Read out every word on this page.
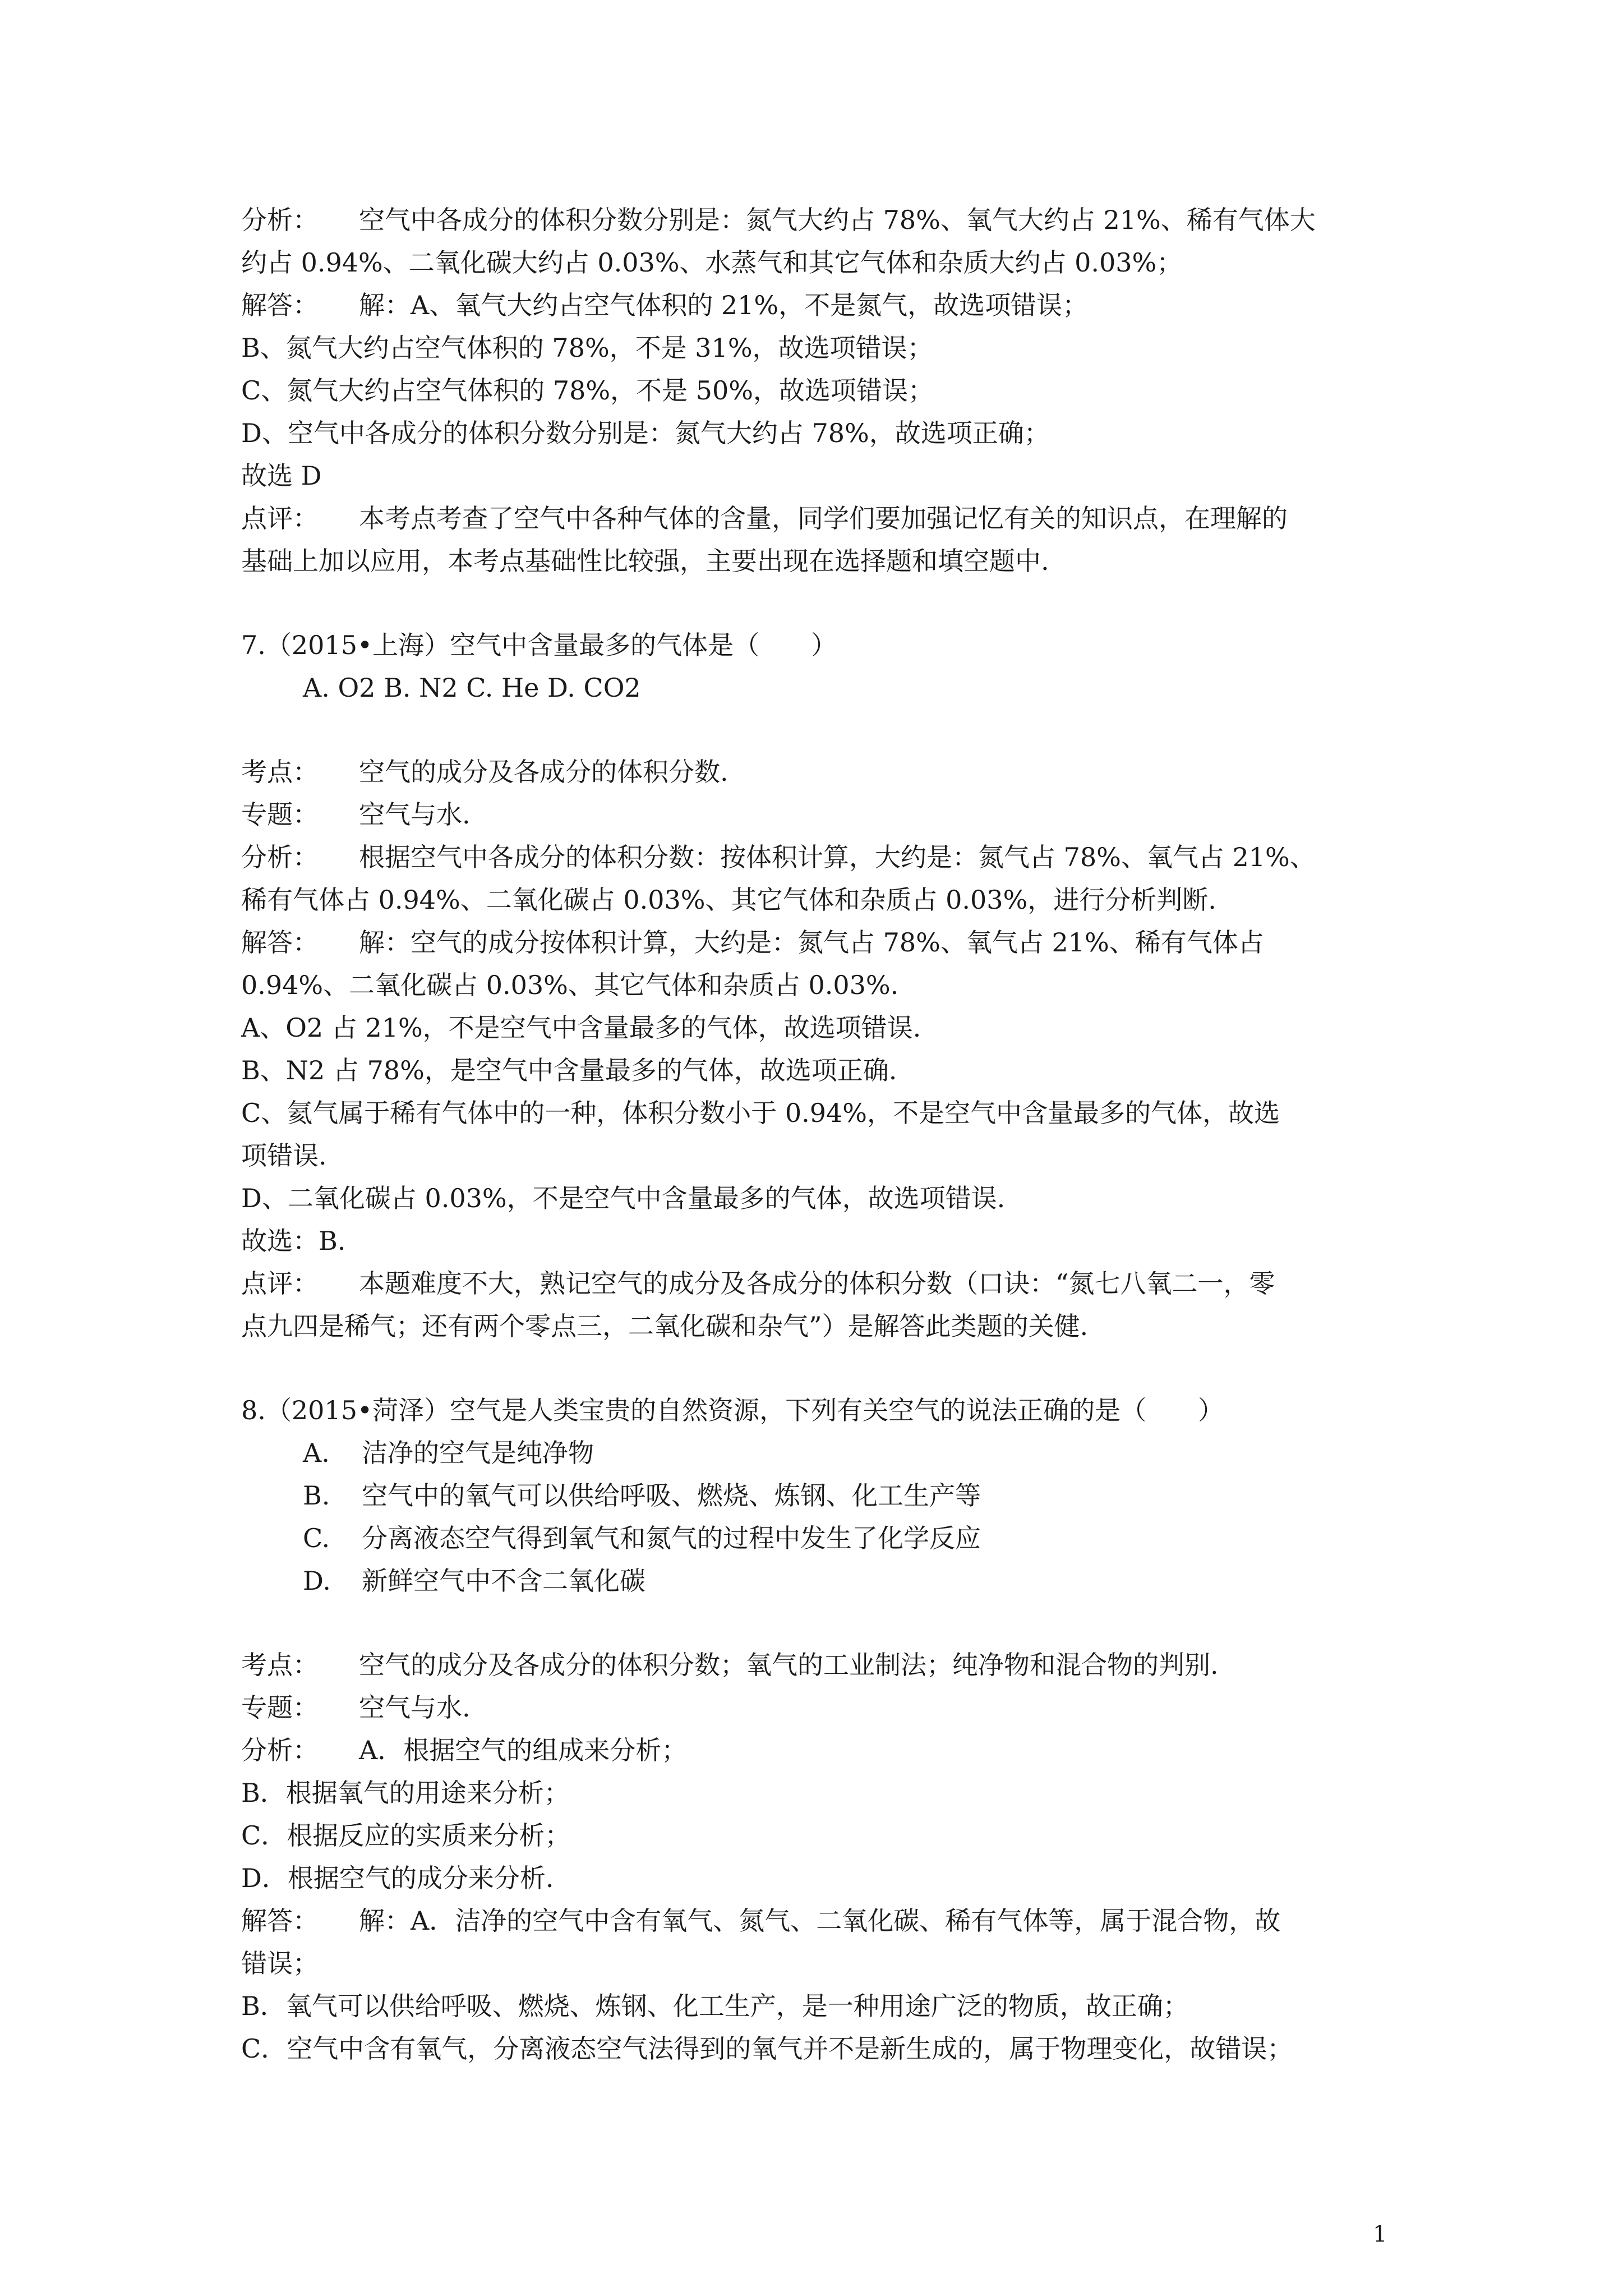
分析： 空气中各成分的体积分数分别是：氮气大约占 78%、氧气大约占 21%、稀有气体大
约占 0.94%、二氧化碳大约占 0.03%、水蒸气和其它气体和杂质大约占 0.03%；
解答： 解：A、氧气大约占空气体积的 21%，不是氮气，故选项错误；
B、氮气大约占空气体积的 78%，不是 31%，故选项错误；
C、氮气大约占空气体积的 78%，不是 50%，故选项错误；
D、空气中各成分的体积分数分别是：氮气大约占 78%，故选项正确；
故选 D
点评： 本考点考查了空气中各种气体的含量，同学们要加强记忆有关的知识点，在理解的
基础上加以应用，本考点基础性比较强，主要出现在选择题和填空题中.
7.（2015•上海）空气中含量最多的气体是（　　）
A. O2 B. N2 C. He D. CO2
考点： 空气的成分及各成分的体积分数.
专题： 空气与水.
分析： 根据空气中各成分的体积分数：按体积计算，大约是：氮气占 78%、氧气占 21%、
稀有气体占 0.94%、二氧化碳占 0.03%、其它气体和杂质占 0.03%，进行分析判断.
解答： 解：空气的成分按体积计算，大约是：氮气占 78%、氧气占 21%、稀有气体占
0.94%、二氧化碳占 0.03%、其它气体和杂质占 0.03%.
A、O2 占 21%，不是空气中含量最多的气体，故选项错误.
B、N2 占 78%，是空气中含量最多的气体，故选项正确.
C、氦气属于稀有气体中的一种，体积分数小于 0.94%，不是空气中含量最多的气体，故选
项错误.
D、二氧化碳占 0.03%，不是空气中含量最多的气体，故选项错误.
故选：B.
点评： 本题难度不大，熟记空气的成分及各成分的体积分数（口诀：“氮七八氧二一，零
点九四是稀气；还有两个零点三，二氧化碳和杂气”）是解答此类题的关健.
8.（2015•菏泽）空气是人类宝贵的自然资源，下列有关空气的说法正确的是（　　）
A. 洁净的空气是纯净物
B. 空气中的氧气可以供给呼吸、燃烧、炼钢、化工生产等
C. 分离液态空气得到氧气和氮气的过程中发生了化学反应
D. 新鲜空气中不含二氧化碳
考点： 空气的成分及各成分的体积分数；氧气的工业制法；纯净物和混合物的判别.
专题： 空气与水.
分析： A．根据空气的组成来分析；
B．根据氧气的用途来分析；
C．根据反应的实质来分析；
D．根据空气的成分来分析.
解答： 解：A．洁净的空气中含有氧气、氮气、二氧化碳、稀有气体等，属于混合物，故
错误；
B．氧气可以供给呼吸、燃烧、炼钢、化工生产，是一种用途广泛的物质，故正确；
C．空气中含有氧气，分离液态空气法得到的氧气并不是新生成的，属于物理变化，故错误；
1
